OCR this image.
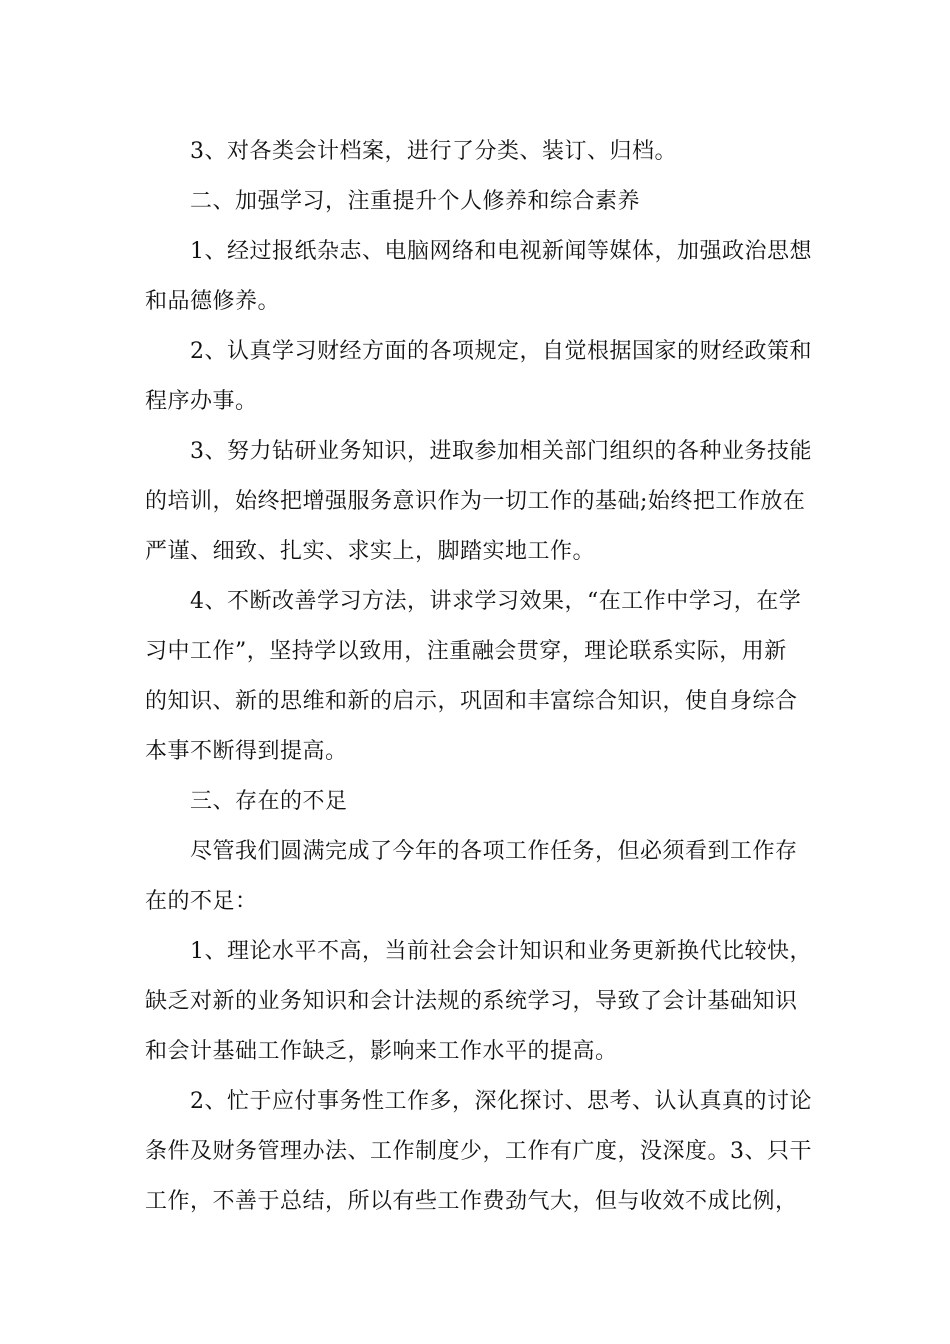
3、对各类会计档案，进行了分类、装订、归档。
二、加强学习，注重提升个人修养和综合素养
1、经过报纸杂志、电脑网络和电视新闻等媒体，加强政治思想
和品德修养。
2、认真学习财经方面的各项规定，自觉根据国家的财经政策和
程序办事。
3、努力钻研业务知识，进取参加相关部门组织的各种业务技能
的培训，始终把增强服务意识作为一切工作的基础;始终把工作放在
严谨、细致、扎实、求实上，脚踏实地工作。
4、不断改善学习方法，讲求学习效果，“在工作中学习，在学
习中工作”，坚持学以致用，注重融会贯穿，理论联系实际，用新
的知识、新的思维和新的启示，巩固和丰富综合知识，使自身综合
本事不断得到提高。
三、存在的不足
尽管我们圆满完成了今年的各项工作任务，但必须看到工作存
在的不足：
1、理论水平不高，当前社会会计知识和业务更新换代比较快，
缺乏对新的业务知识和会计法规的系统学习，导致了会计基础知识
和会计基础工作缺乏，影响来工作水平的提高。
2、忙于应付事务性工作多，深化探讨、思考、认认真真的讨论
条件及财务管理办法、工作制度少，工作有广度，没深度。3、只干
工作，不善于总结，所以有些工作费劲气大，但与收效不成比例，
